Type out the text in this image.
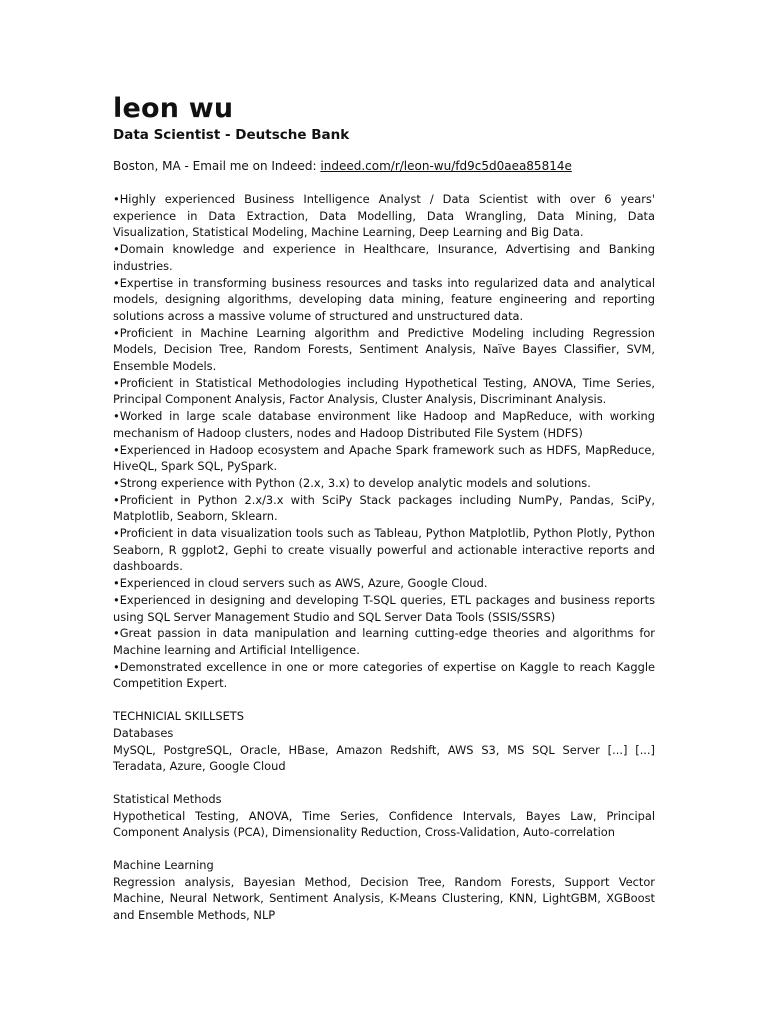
leon wu
Data Scientist - Deutsche Bank
Boston, MA - Email me on Indeed: indeed.com/r/leon-wu/fd9c5d0aea85814e
• Highly experienced Business Intelligence Analyst / Data Scientist with over 6 years' experience in Data Extraction, Data Modelling, Data Wrangling, Data Mining, Data Visualization, Statistical Modeling, Machine Learning, Deep Learning and Big Data.
• Domain knowledge and experience in Healthcare, Insurance, Advertising and Banking industries.
• Expertise in transforming business resources and tasks into regularized data and analytical models, designing algorithms, developing data mining, feature engineering and reporting solutions across a massive volume of structured and unstructured data.
• Proficient in Machine Learning algorithm and Predictive Modeling including Regression Models, Decision Tree, Random Forests, Sentiment Analysis, Naïve Bayes Classifier, SVM, Ensemble Models.
• Proficient in Statistical Methodologies including Hypothetical Testing, ANOVA, Time Series, Principal Component Analysis, Factor Analysis, Cluster Analysis, Discriminant Analysis.
• Worked in large scale database environment like Hadoop and MapReduce, with working mechanism of Hadoop clusters, nodes and Hadoop Distributed File System (HDFS)
• Experienced in Hadoop ecosystem and Apache Spark framework such as HDFS, MapReduce, HiveQL, Spark SQL, PySpark.
• Strong experience with Python (2.x, 3.x) to develop analytic models and solutions.
• Proficient in Python 2.x/3.x with SciPy Stack packages including NumPy, Pandas, SciPy, Matplotlib, Seaborn, Sklearn.
• Proficient in data visualization tools such as Tableau, Python Matplotlib, Python Plotly, Python Seaborn, R ggplot2, Gephi to create visually powerful and actionable interactive reports and dashboards.
• Experienced in cloud servers such as AWS, Azure, Google Cloud.
• Experienced in designing and developing T-SQL queries, ETL packages and business reports using SQL Server Management Studio and SQL Server Data Tools (SSIS/SSRS)
• Great passion in data manipulation and learning cutting-edge theories and algorithms for Machine learning and Artificial Intelligence.
• Demonstrated excellence in one or more categories of expertise on Kaggle to reach Kaggle Competition Expert.
TECHNICIAL SKILLSETS
Databases
MySQL, PostgreSQL, Oracle, HBase, Amazon Redshift, AWS S3, MS SQL Server [...] [...] Teradata, Azure, Google Cloud
Statistical Methods
Hypothetical Testing, ANOVA, Time Series, Confidence Intervals, Bayes Law, Principal Component Analysis (PCA), Dimensionality Reduction, Cross-Validation, Auto-correlation
Machine Learning
Regression analysis, Bayesian Method, Decision Tree, Random Forests, Support Vector Machine, Neural Network, Sentiment Analysis, K-Means Clustering, KNN, LightGBM, XGBoost and Ensemble Methods, NLP
